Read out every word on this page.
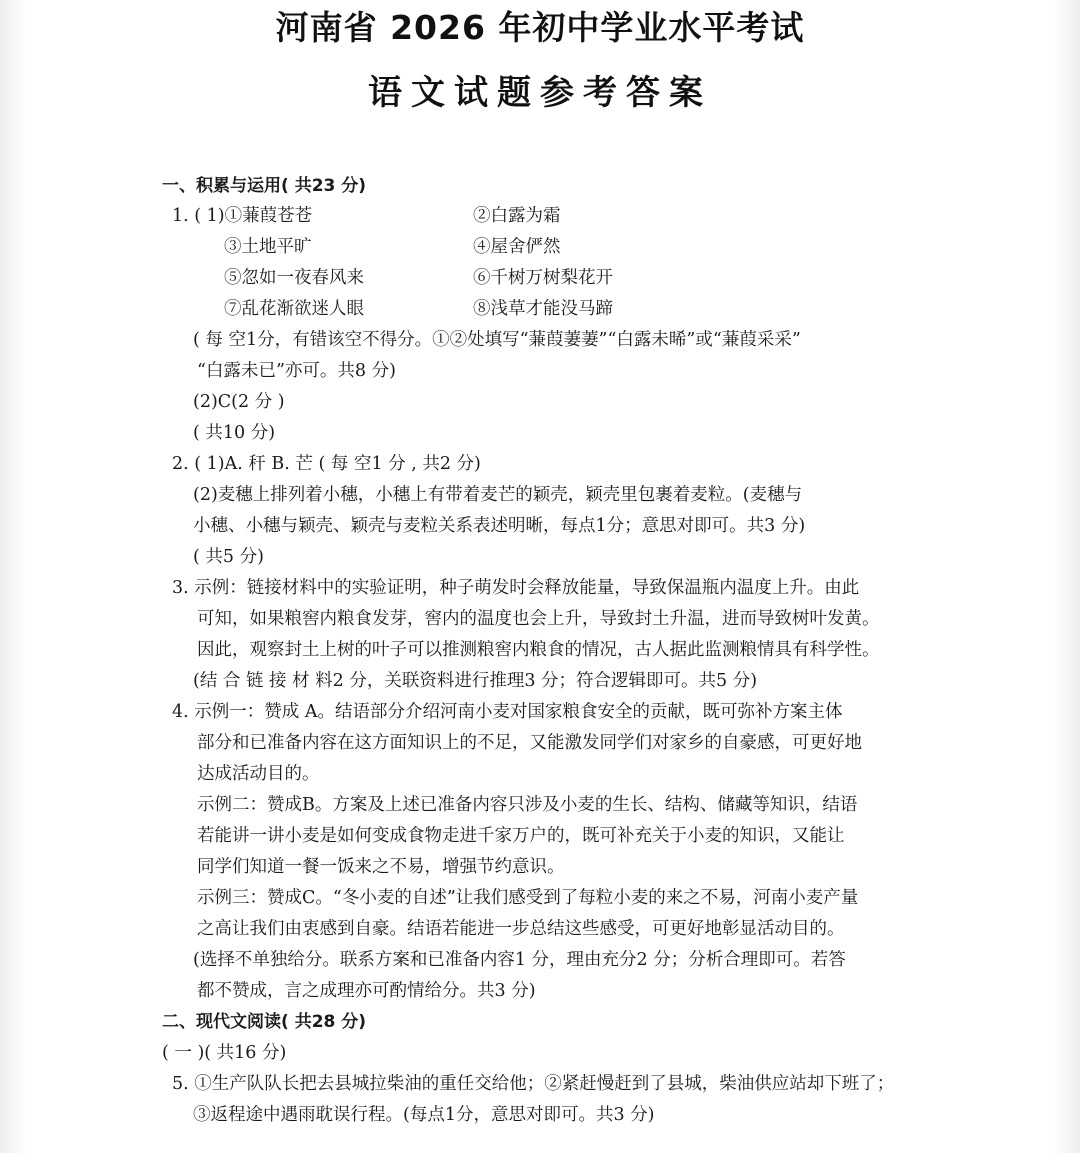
河南省 2026 年初中学业水平考试
语文试题参考答案

一、积累与运用( 共23 分)

1. ( 1)①蒹葭苍苍	②白露为霜

③土地平旷	④屋舍俨然

⑤忽如一夜春风来	⑥千树万树梨花开

⑦乱花渐欲迷人眼	⑧浅草才能没马蹄

( 每 空1分，有错该空不得分。①②处填写“蒹葭萋萋”“白露未晞”或“蒹葭采采”

“白露未已”亦可。共8 分)

(2)C(2 分 )

( 共10 分)

2. ( 1)A. 秆 B. 芒 ( 每 空1 分 , 共2 分)

(2)麦穗上排列着小穗，小穗上有带着麦芒的颖壳，颖壳里包裹着麦粒。(麦穗与

小穗、小穗与颖壳、颖壳与麦粒关系表述明晰，每点1分；意思对即可。共3 分)

( 共5 分)

3. 示例：链接材料中的实验证明，种子萌发时会释放能量，导致保温瓶内温度上升。由此

可知，如果粮窖内粮食发芽，窖内的温度也会上升，导致封土升温，进而导致树叶发黄。

因此，观察封土上树的叶子可以推测粮窖内粮食的情况，古人据此监测粮情具有科学性。

(结 合 链 接 材 料2 分，关联资料进行推理3 分；符合逻辑即可。共5 分)

4. 示例一：赞成 A。结语部分介绍河南小麦对国家粮食安全的贡献，既可弥补方案主体

部分和已准备内容在这方面知识上的不足，又能激发同学们对家乡的自豪感，可更好地

达成活动目的。

示例二：赞成B。方案及上述已准备内容只涉及小麦的生长、结构、储藏等知识，结语

若能讲一讲小麦是如何变成食物走进千家万户的，既可补充关于小麦的知识，又能让

同学们知道一餐一饭来之不易，增强节约意识。

示例三：赞成C。“冬小麦的自述”让我们感受到了每粒小麦的来之不易，河南小麦产量

之高让我们由衷感到自豪。结语若能进一步总结这些感受，可更好地彰显活动目的。

(选择不单独给分。联系方案和已准备内容1 分，理由充分2 分；分析合理即可。若答

都不赞成，言之成理亦可酌情给分。共3 分)

二、现代文阅读( 共28 分)

( 一 )( 共16 分)

5. ①生产队队长把去县城拉柴油的重任交给他；②紧赶慢赶到了县城，柴油供应站却下班了；

③返程途中遇雨耽误行程。(每点1分，意思对即可。共3 分)
